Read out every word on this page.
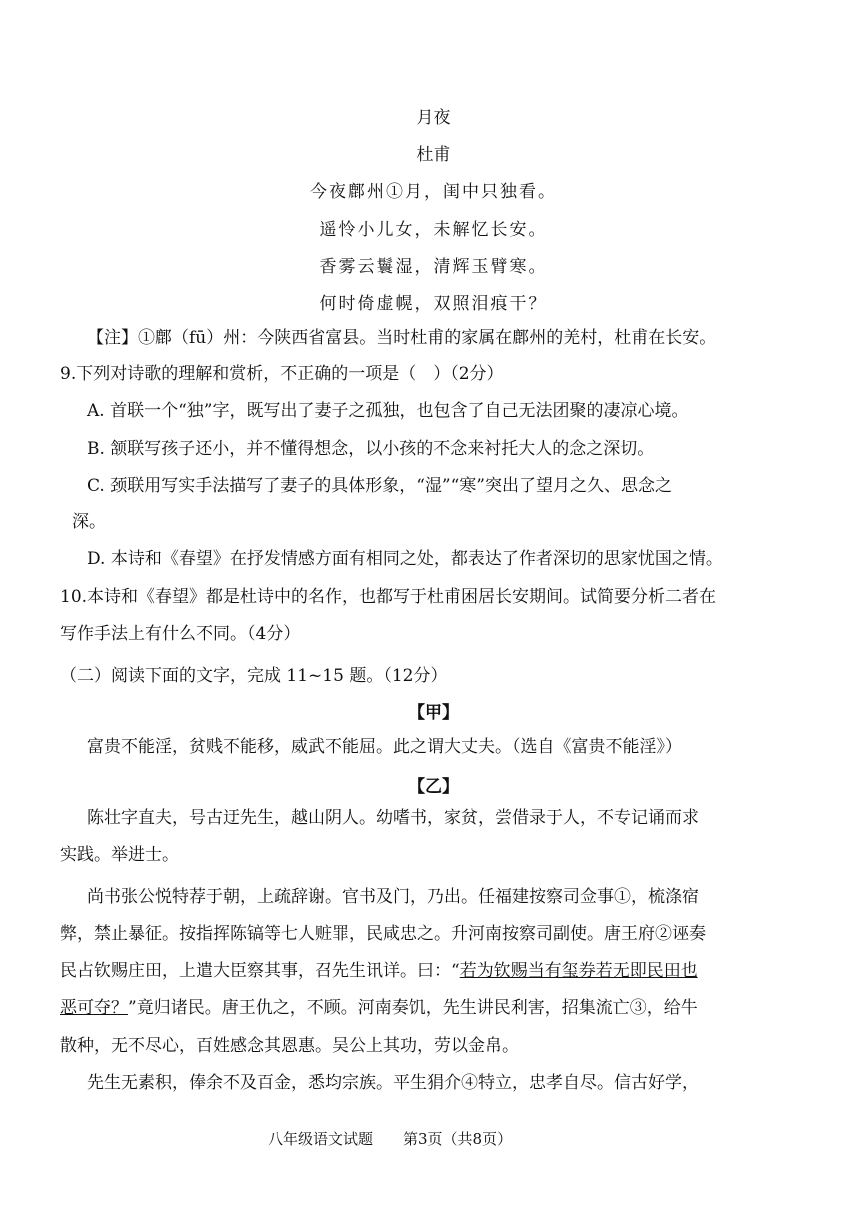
月夜
杜甫
今夜鄜州①月，闺中只独看。
遥怜小儿女，未解忆长安。
香雾云鬟湿，清辉玉臂寒。
何时倚虚幌，双照泪痕干？
【注】①鄜（fū）州：今陕西省富县。当时杜甫的家属在鄜州的羌村，杜甫在长安。
9.下列对诗歌的理解和赏析，不正确的一项是（　）（2分）
A. 首联一个“独”字，既写出了妻子之孤独，也包含了自己无法团聚的凄凉心境。
B. 颔联写孩子还小，并不懂得想念，以小孩的不念来衬托大人的念之深切。
C. 颈联用写实手法描写了妻子的具体形象，“湿”“寒”突出了望月之久、思念之
深。
D. 本诗和《春望》在抒发情感方面有相同之处，都表达了作者深切的思家忧国之情。
10.本诗和《春望》都是杜诗中的名作，也都写于杜甫困居长安期间。试简要分析二者在
写作手法上有什么不同。（4分）
（二）阅读下面的文字，完成 11~15 题。（12分）
【甲】
富贵不能淫，贫贱不能移，威武不能屈。此之谓大丈夫。（选自《富贵不能淫》）
【乙】
陈壮字直夫，号古迂先生，越山阴人。幼嗜书，家贫，尝借录于人，不专记诵而求
实践。举进士。
尚书张公悦特荐于朝，上疏辞谢。官书及门，乃出。任福建按察司佥事①，梳涤宿
弊，禁止暴征。按指挥陈镐等七人赃罪，民咸忠之。升河南按察司副使。唐王府②诬奏
民占钦赐庄田，上遣大臣察其事，召先生讯详。曰：“若为钦赐当有玺券若无即民田也
恶可夺？”竟归诸民。唐王仇之，不顾。河南奏饥，先生讲民利害，招集流亡③，给牛
散种，无不尽心，百姓感念其恩惠。吴公上其功，劳以金帛。
先生无素积，俸余不及百金，悉均宗族。平生狷介④特立，忠孝自尽。信古好学，
八年级语文试题 第3页（共8页）
